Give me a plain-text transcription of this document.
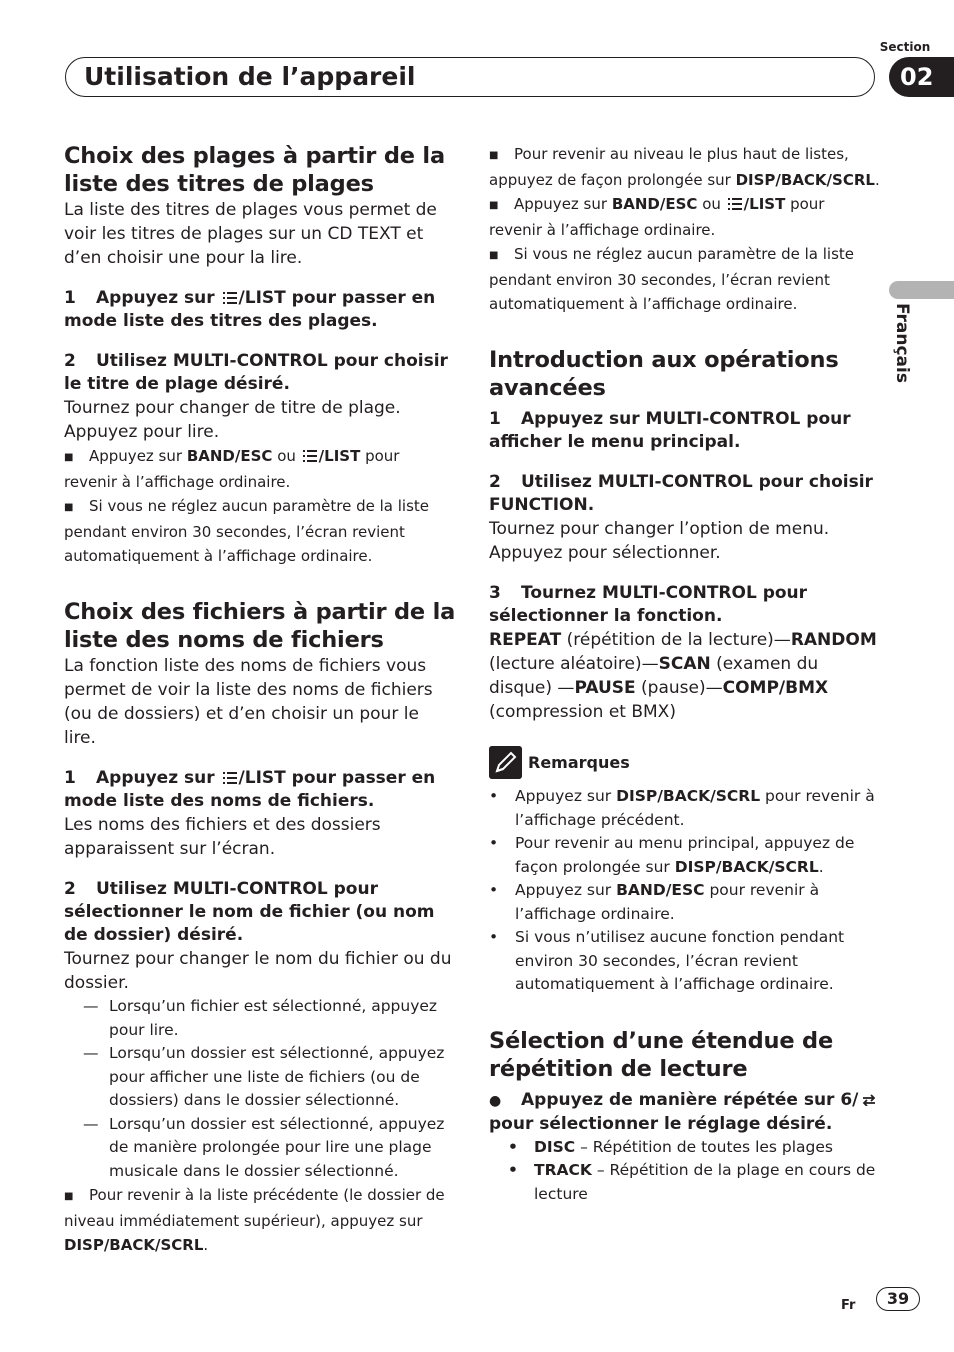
Section
02
Utilisation de l’appareil
Français
Choix des plages à partir de la liste des titres de plages

La liste des titres de plages vous permet de voir les titres de plages sur un CD TEXT et d’en choisir une pour la lire.

1 Appuyez sur /LIST pour passer en mode liste des titres des plages.

2 Utilisez MULTI-CONTROL pour choisir le titre de plage désiré.

Tournez pour changer de titre de plage. Appuyez pour lire.

■ Appuyez sur BAND/ESC ou /LIST pour revenir à l’affichage ordinaire.

■ Si vous ne réglez aucun paramètre de la liste pendant environ 30 secondes, l’écran revient automatiquement à l’affichage ordinaire.

Choix des fichiers à partir de la liste des noms de fichiers

La fonction liste des noms de fichiers vous permet de voir la liste des noms de fichiers (ou de dossiers) et d’en choisir un pour le lire.

1 Appuyez sur /LIST pour passer en mode liste des noms de fichiers.

Les noms des fichiers et des dossiers apparaissent sur l’écran.

2 Utilisez MULTI-CONTROL pour sélectionner le nom de fichier (ou nom de dossier) désiré.

Tournez pour changer le nom du fichier ou du dossier.

— Lorsqu’un fichier est sélectionné, appuyez pour lire.

— Lorsqu’un dossier est sélectionné, appuyez pour afficher une liste de fichiers (ou de dossiers) dans le dossier sélectionné.

— Lorsqu’un dossier est sélectionné, appuyez de manière prolongée pour lire une plage musicale dans le dossier sélectionné.

■ Pour revenir à la liste précédente (le dossier de niveau immédiatement supérieur), appuyez sur DISP/BACK/SCRL.

■ Pour revenir au niveau le plus haut de listes, appuyez de façon prolongée sur DISP/BACK/SCRL.

■ Appuyez sur BAND/ESC ou /LIST pour revenir à l’affichage ordinaire.

■ Si vous ne réglez aucun paramètre de la liste pendant environ 30 secondes, l’écran revient automatiquement à l’affichage ordinaire.

Introduction aux opérations avancées

1 Appuyez sur MULTI-CONTROL pour afficher le menu principal.

2 Utilisez MULTI-CONTROL pour choisir FUNCTION.

Tournez pour changer l’option de menu. Appuyez pour sélectionner.

3 Tournez MULTI-CONTROL pour sélectionner la fonction.

REPEAT (répétition de la lecture)—RANDOM (lecture aléatoire)—SCAN (examen du disque) —PAUSE (pause)—COMP/BMX (compression et BMX)

Remarques

• Appuyez sur DISP/BACK/SCRL pour revenir à l’affichage précédent.

• Pour revenir au menu principal, appuyez de façon prolongée sur DISP/BACK/SCRL.

• Appuyez sur BAND/ESC pour revenir à l’affichage ordinaire.

• Si vous n’utilisez aucune fonction pendant environ 30 secondes, l’écran revient automatiquement à l’affichage ordinaire.

Sélection d’une étendue de répétition de lecture

● Appuyez de manière répétée sur 6/ pour sélectionner le réglage désiré.

• DISC – Répétition de toutes les plages

• TRACK – Répétition de la plage en cours de lecture

Fr	39
